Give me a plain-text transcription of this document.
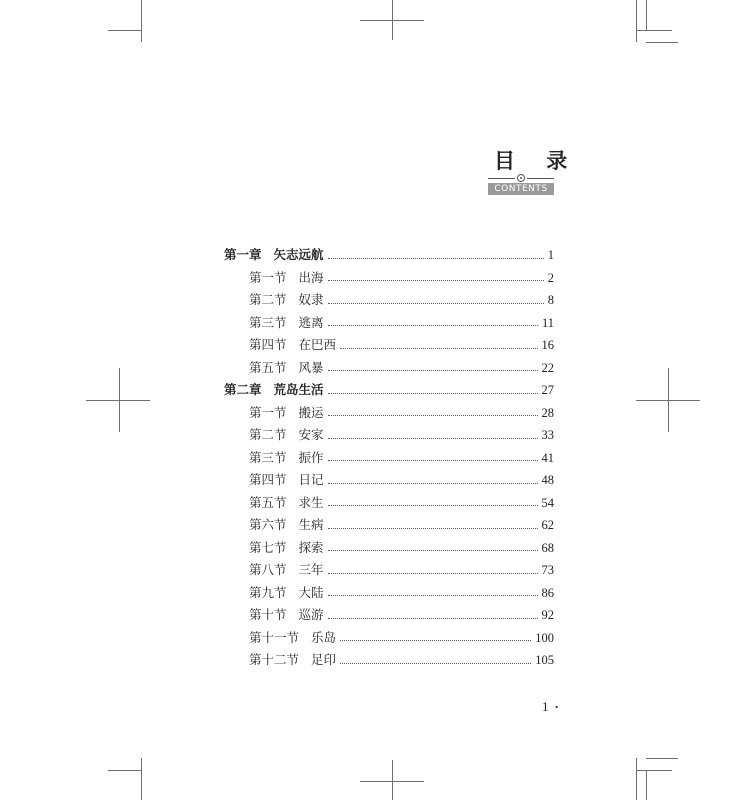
目 录
CONTENTS
第一章 矢志远航	1
第一节 出海	2
第二节 奴隶	8
第三节 逃离	11
第四节 在巴西	16
第五节 风暴	22
第二章 荒岛生活	27
第一节 搬运	28
第二节 安家	33
第三节 振作	41
第四节 日记	48
第五节 求生	54
第六节 生病	62
第七节 探索	68
第八节 三年	73
第九节 大陆	86
第十节 巡游	92
第十一节 乐岛	100
第十二节 足印	105
1 ·
